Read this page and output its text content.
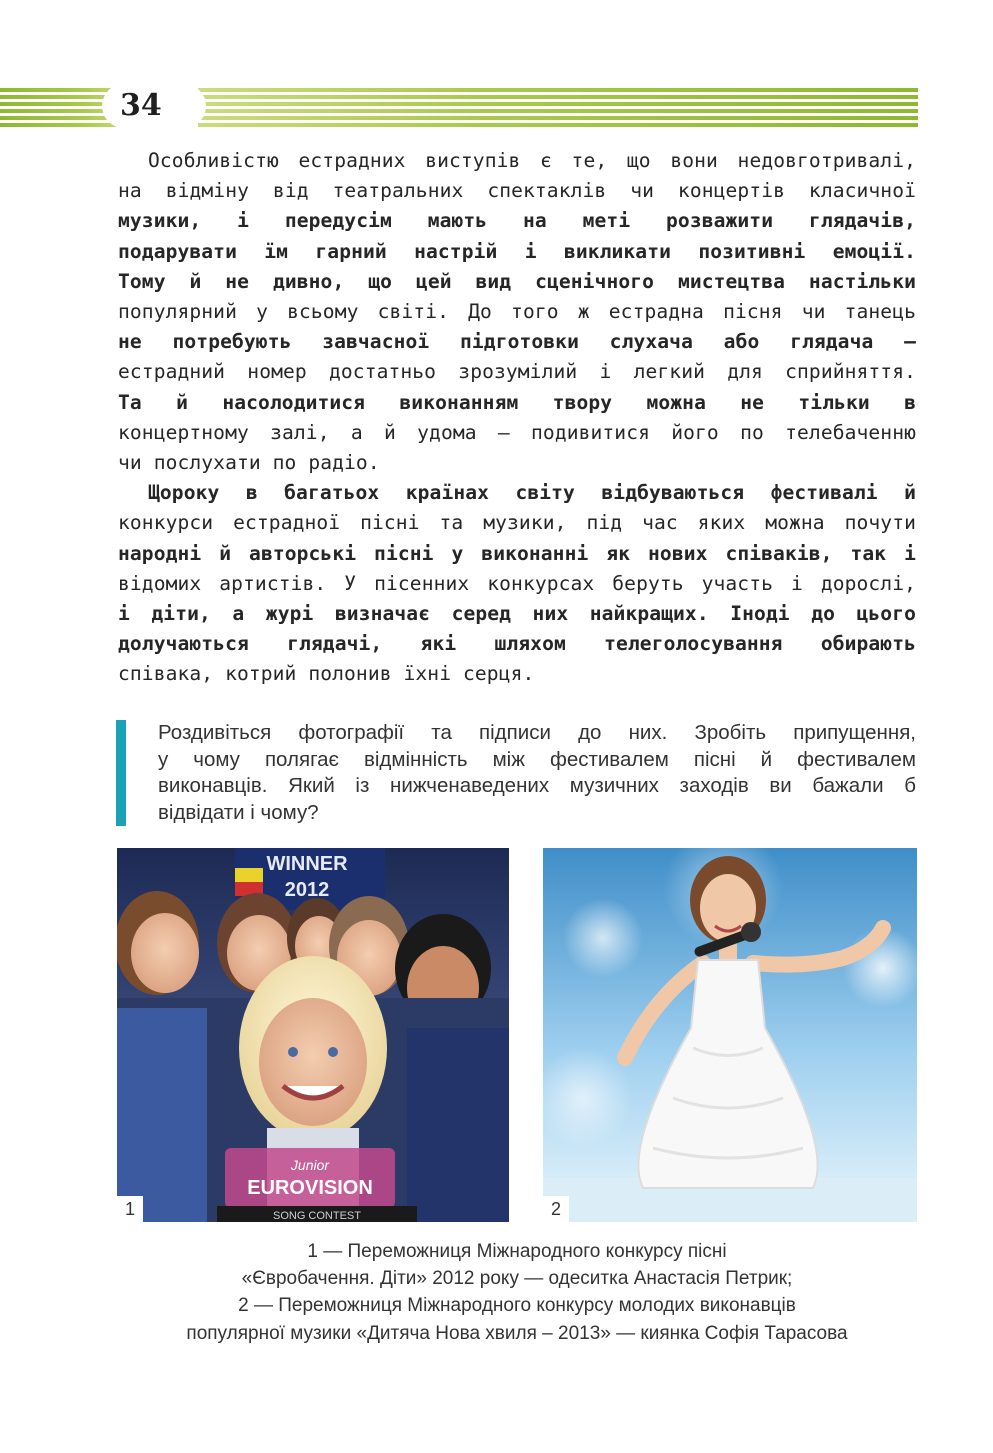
34

Особливістю естрадних виступів є те, що вони недовготривалі,
на відміну від театральних спектаклів чи концертів класичної
музики, і передусім мають на меті розважити глядачів,
подарувати їм гарний настрій і викликати позитивні емоції.
Тому й не дивно, що цей вид сценічного мистецтва настільки
популярний у всьому світі. До того ж естрадна пісня чи танець
не потребують завчасної підготовки слухача або глядача —
естрадний номер достатньо зрозумілий і легкий для сприйняття.
Та й насолодитися виконанням твору можна не тільки в
концертному залі, а й удома — подивитися його по телебаченню
чи послухати по радіо.

Щороку в багатьох країнах світу відбуваються фестивалі й
конкурси естрадної пісні та музики, під час яких можна почути
народні й авторські пісні у виконанні як нових співаків, так і
відомих артистів. У пісенних конкурсах беруть участь і дорослі,
і діти, а журі визначає серед них найкращих. Іноді до цього
долучаються глядачі, які шляхом телеголосування обирають
співака, котрий полонив їхні серця.

Роздивіться фотографії та підписи до них. Зробіть припущення,
у чому полягає відмінність між фестивалем пісні й фестивалем
виконавців. Який із нижченаведених музичних заходів ви бажали б
відвідати і чому?
WINNER
2012
Junior
EUROVISION
SONG CONTEST
1	2
1 — Переможниця Міжнародного конкурсу пісні
«Євробачення. Діти» 2012 року — одеситка Анастасія Петрик;
2 — Переможниця Міжнародного конкурсу молодих виконавців
популярної музики «Дитяча Нова хвиля – 2013» — киянка Софія Тарасова
